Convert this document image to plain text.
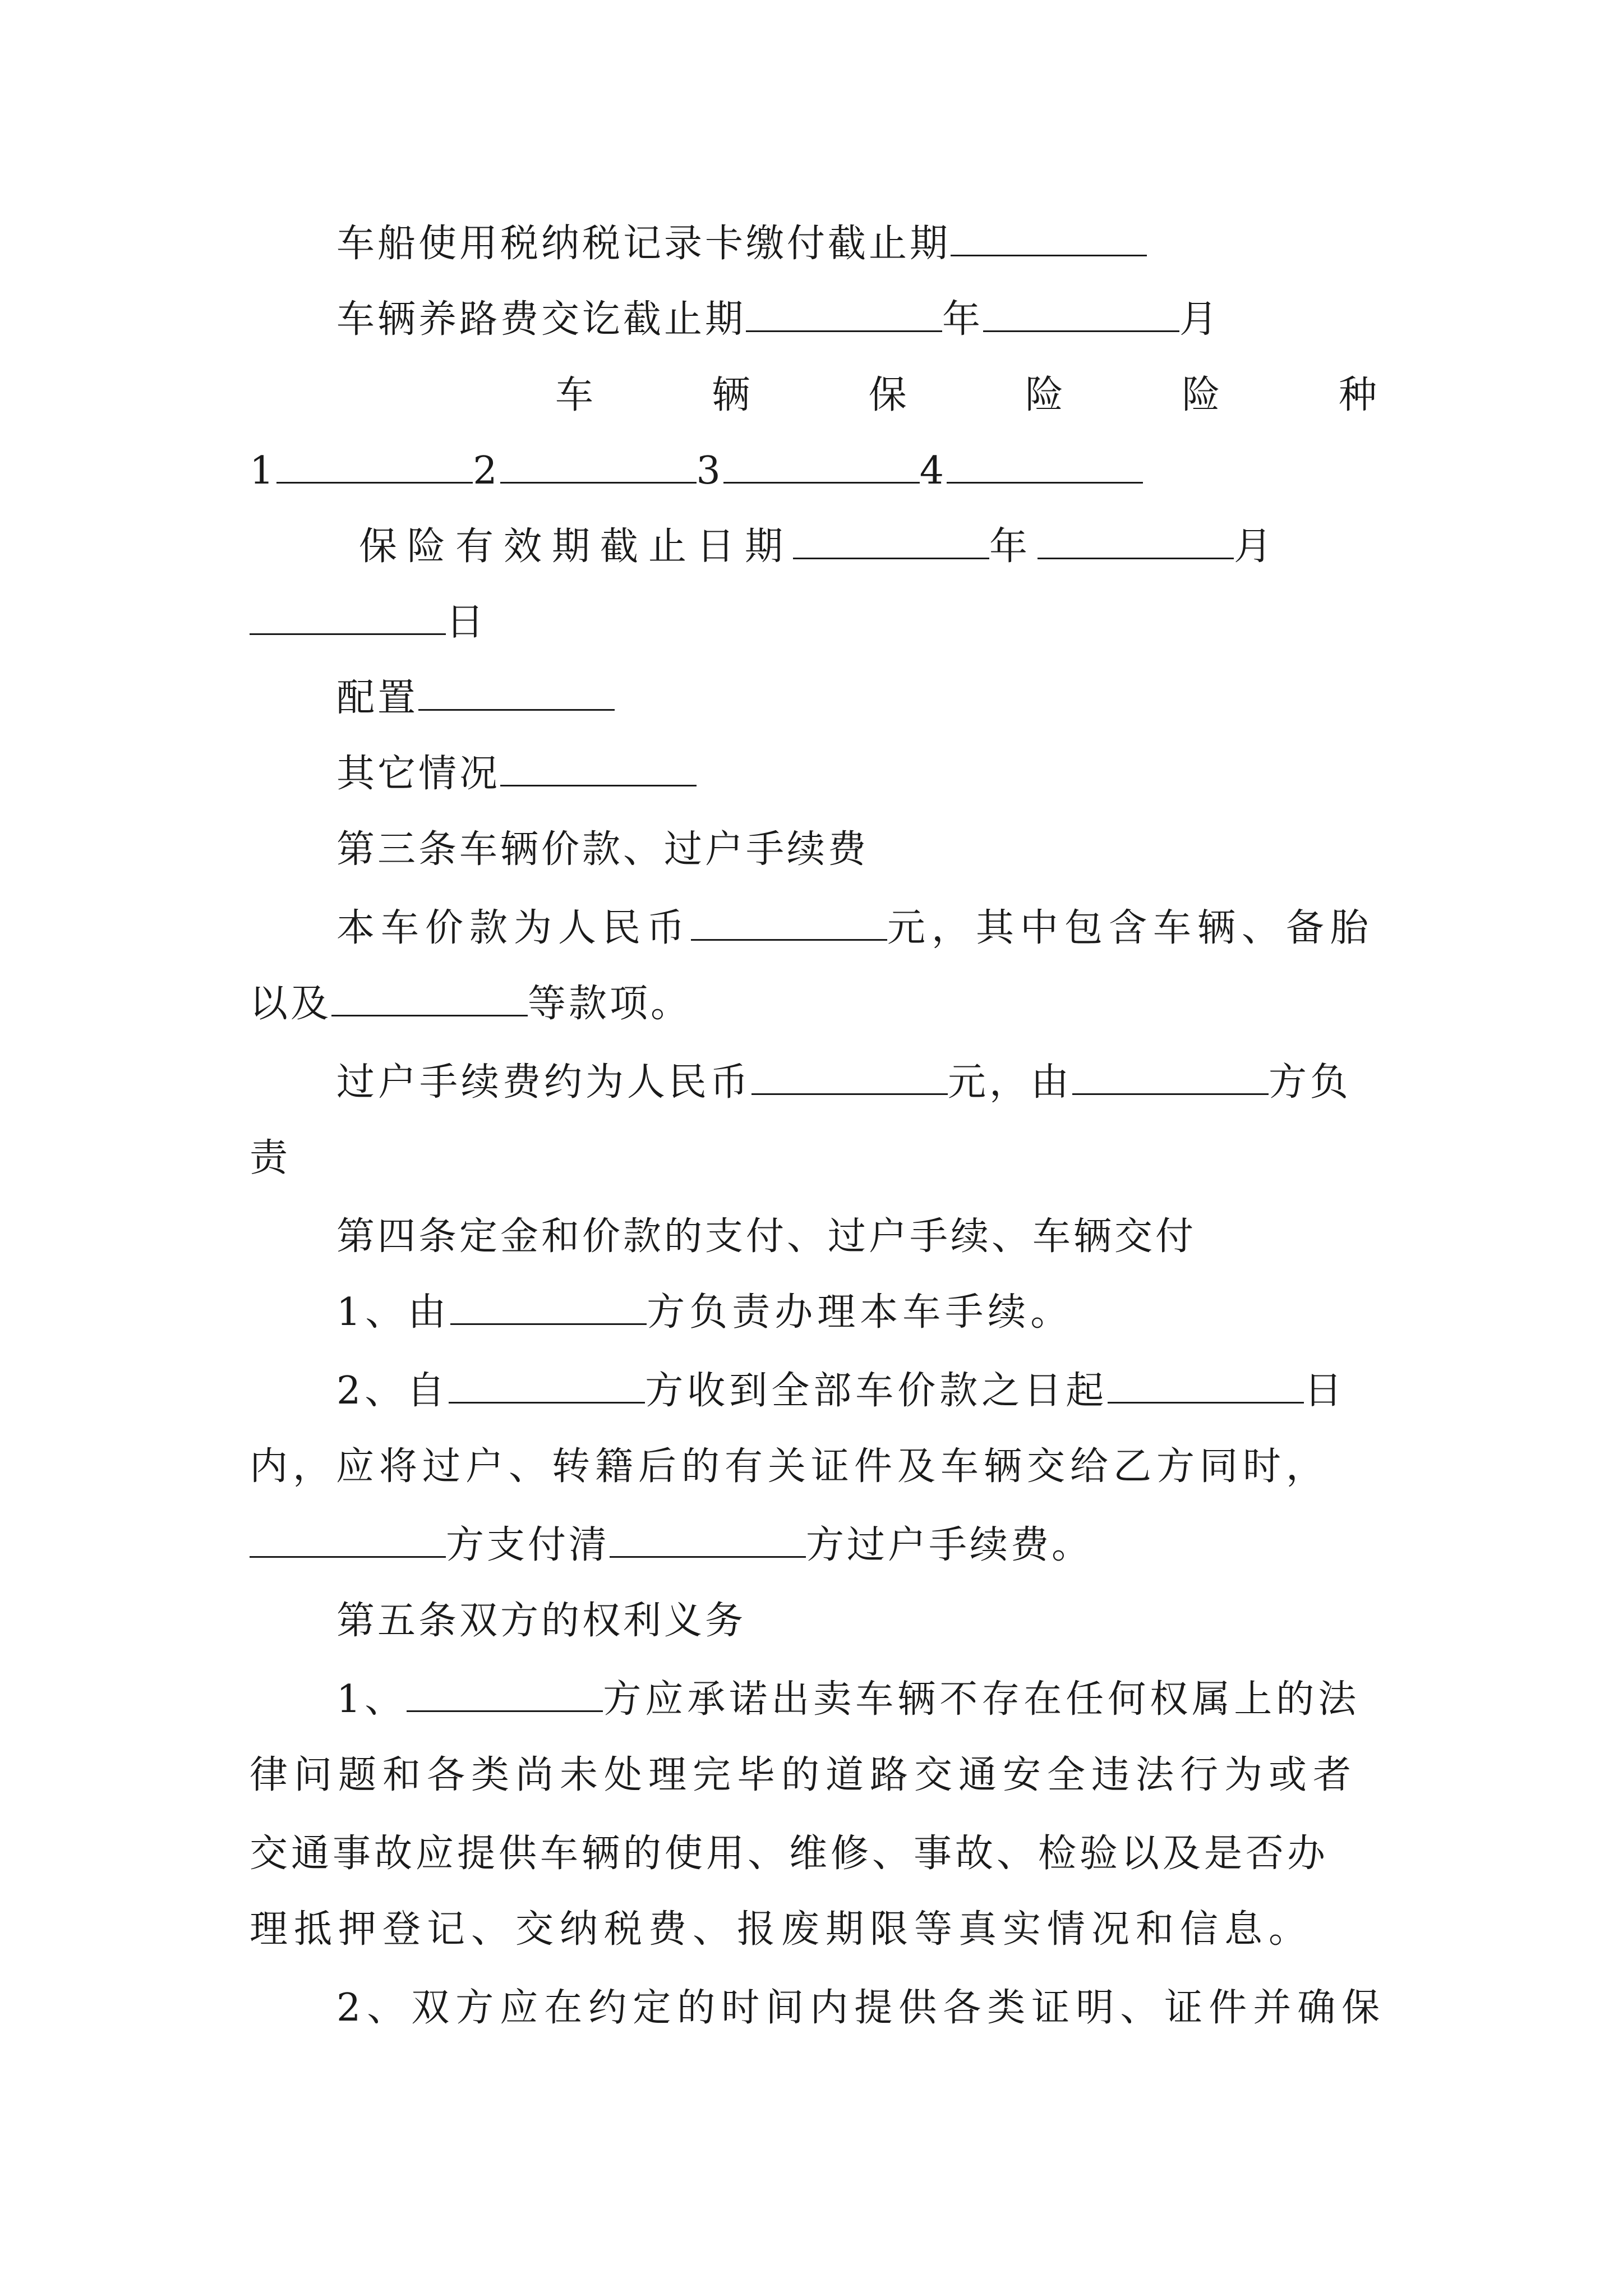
车船使用税纳税记录卡缴付截止期
车辆养路费交讫截止期	年	月
车	辆	保	险	险	种
1	2	3	4
保险有效期截止日期	年	月
日
配置
其它情况
第三条车辆价款、过户手续费
本车价款为人民币	元，其中包含车辆、备胎
以及	等款项。
过户手续费约为人民币	元，由	方负
责
第四条定金和价款的支付、过户手续、车辆交付
1、由	方负责办理本车手续。
2、自	方收到全部车价款之日起	日
内，应将过户、转籍后的有关证件及车辆交给乙方同时，
方支付清	方过户手续费。
第五条双方的权利义务
1、	方应承诺出卖车辆不存在任何权属上的法
律问题和各类尚未处理完毕的道路交通安全违法行为或者
交通事故应提供车辆的使用、维修、事故、检验以及是否办
理抵押登记、交纳税费、报废期限等真实情况和信息。
2、双方应在约定的时间内提供各类证明、证件并确保
